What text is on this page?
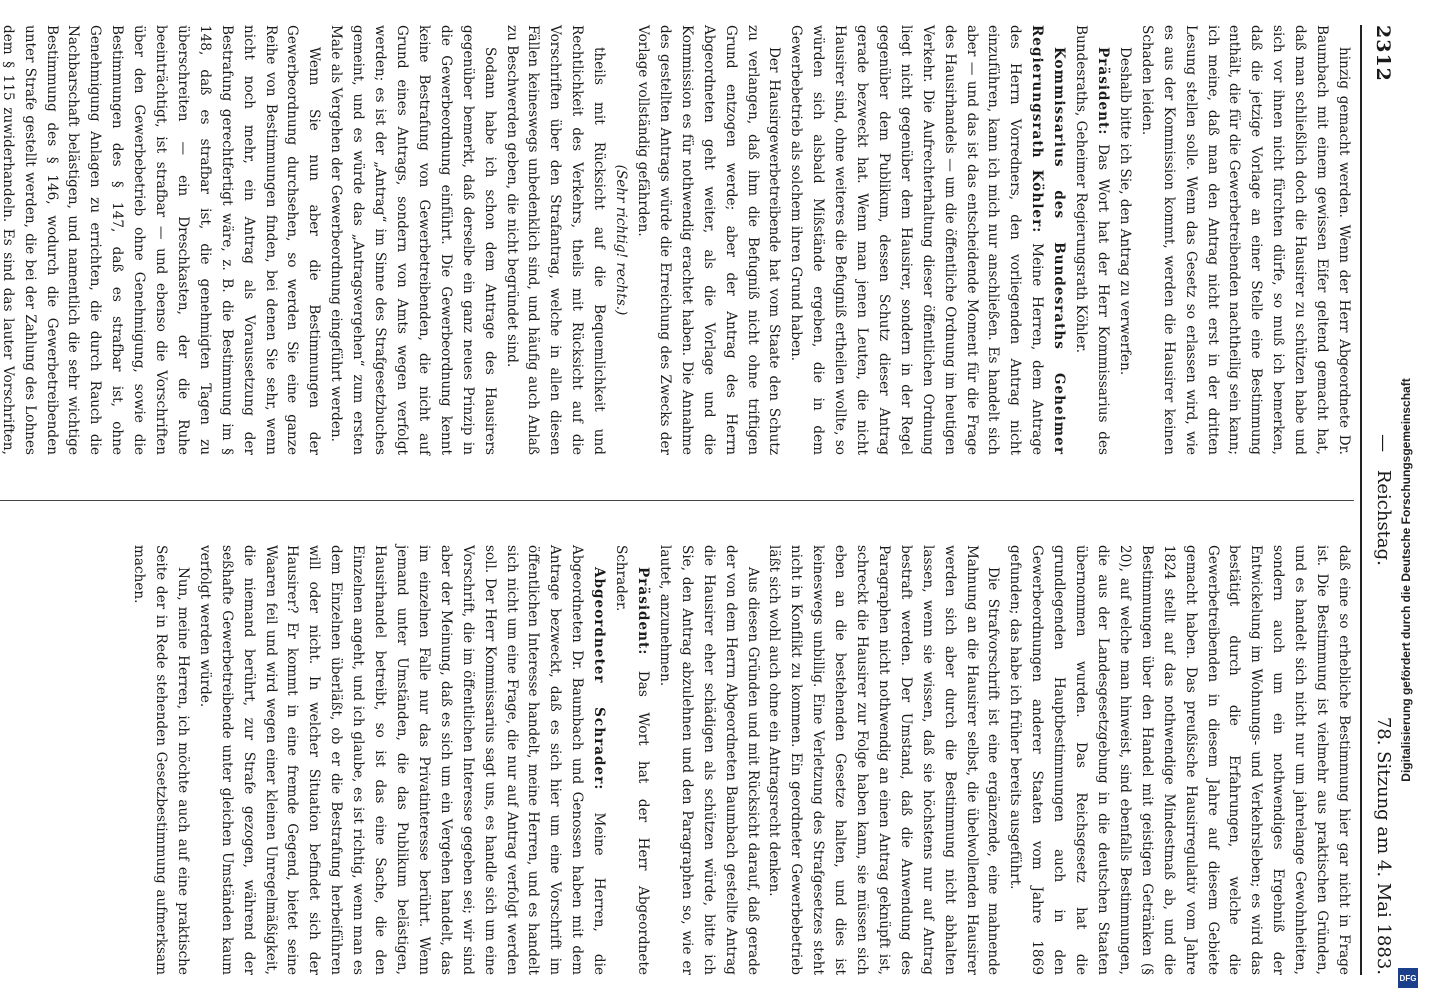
2312
— Reichstag.
78. Sitzung am 4. Mai 1883.

hinzig gemacht werden. Wenn der Herr Abgeordnete Dr. Baumbach mit einem gewissen Eifer geltend gemacht hat, daß man schließlich doch die Hausirer zu schützen habe und sich vor ihnen nicht fürchten dürfe, so muß ich bemerken, daß die jetzige Vorlage an einer Stelle eine Bestimmung enthält, die für die Gewerbetreibenden nachtheilig sein kann; ich meine, daß man den Antrag nicht erst in der dritten Lesung stellen solle. Wenn das Gesetz so erlassen wird, wie es aus der Kommission kommt, werden die Hausirer keinen Schaden leiden.

Deshalb bitte ich Sie, den Antrag zu verwerfen.

Präsident: Das Wort hat der Herr Kommissarius des Bundesraths, Geheimer Regierungsrath Köhler.

Kommissarius des Bundesraths Geheimer Regierungsrath Köhler: Meine Herren, dem Antrage des Herrn Vorredners, den vorliegenden Antrag nicht einzuführen, kann ich mich nur anschließen. Es handelt sich aber — und das ist das entscheidende Moment für die Frage des Hausirhandels — um die öffentliche Ordnung im heutigen Verkehr. Die Aufrechterhaltung dieser öffentlichen Ordnung liegt nicht gegenüber dem Hausirer, sondern in der Regel gegenüber dem Publikum, dessen Schutz dieser Antrag gerade bezweckt hat. Wenn man jenen Leuten, die nicht Hausirer sind, ohne weiteres die Befugniß ertheilen wollte, so würden sich alsbald Mißstände ergeben, die in dem Gewerbebetrieb als solchem ihren Grund haben.

Der Hausirgewerbetreibende hat vom Staate den Schutz zu verlangen, daß ihm die Befugniß nicht ohne triftigen Grund entzogen werde; aber der Antrag des Herrn Abgeordneten geht weiter, als die Vorlage und die Kommission es für nothwendig erachtet haben. Die Annahme des gestellten Antrags würde die Erreichung des Zwecks der Vorlage vollständig gefährden.

(Sehr richtig! rechts.)

theils mit Rücksicht auf die Bequemlichkeit und Rechtlichkeit des Verkehrs, theils mit Rücksicht auf die Vorschriften über den Strafantrag, welche in allen diesen Fällen keineswegs unbedenklich sind, und häufig auch Anlaß zu Beschwerden geben, die nicht begründet sind.

Sodann habe ich schon dem Antrage des Hausirers gegenüber bemerkt, daß derselbe ein ganz neues Prinzip in die Gewerbeordnung einführt. Die Gewerbeordnung kennt keine Bestrafung von Gewerbetreibenden, die nicht auf Grund eines Antrags, sondern von Amts wegen verfolgt werden; es ist der „Antrag“ im Sinne des Strafgesetzbuches gemeint, und es würde das „Antragsvergehen“ zum ersten Male als Vergehen der Gewerbeordnung eingeführt werden.

Wenn Sie nun aber die Bestimmungen der Gewerbeordnung durchsehen, so werden Sie eine ganze Reihe von Bestimmungen finden, bei denen Sie sehr, wenn nicht noch mehr, ein Antrag als Voraussetzung der Bestrafung gerechtfertigt wäre, z. B. die Bestimmung im § 148, daß es strafbar ist, die genehmigten Tagen zu überschreiten — ein Dreschkasten, der die Ruhe beeinträchtigt, ist strafbar — und ebenso die Vorschriften über den Gewerbebetrieb ohne Genehmigung, sowie die Bestimmungen des § 147, daß es strafbar ist, ohne Genehmigung Anlagen zu errichten, die durch Rauch die Nachbarschaft belästigen, und namentlich die sehr wichtige Bestimmung des § 146, wodurch die Gewerbetreibenden unter Strafe gestellt werden, die bei der Zahlung des Lohnes dem § 115 zuwiderhandeln. Es sind das lauter Vorschriften,

daß eine so erhebliche Bestimmung hier gar nicht in Frage ist. Die Bestimmung ist vielmehr aus praktischen Gründen, und es handelt sich nicht nur um jahrelange Gewohnheiten, sondern auch um ein nothwendiges Ergebniß der Entwickelung im Wohnungs- und Verkehrsleben; es wird das bestätigt durch die Erfahrungen, welche die Gewerbetreibenden in diesem Jahre auf diesem Gebiete gemacht haben. Das preußische Hausirregulativ vom Jahre 1824 stellt auf das nothwendige Mindestmaß ab, und die Bestimmungen über den Handel mit geistigen Getränken (§ 20), auf welche man hinweist, sind ebenfalls Bestimmungen, die aus der Landesgesetzgebung in die deutschen Staaten übernommen wurden. Das Reichsgesetz hat die grundlegenden Hauptbestimmungen auch in den Gewerbeordnungen anderer Staaten vom Jahre 1869 gefunden; das habe ich früher bereits ausgeführt.

Die Strafvorschrift ist eine ergänzende, eine mahnende Mahnung an die Hausirer selbst, die übelwollenden Hausirer werden sich aber durch die Bestimmung nicht abhalten lassen, wenn sie wissen, daß sie höchstens nur auf Antrag bestraft werden. Der Umstand, daß die Anwendung des Paragraphen nicht nothwendig an einen Antrag geknüpft ist, schreckt die Hausirer zur Folge haben kann, sie müssen sich eben an die bestehenden Gesetze halten, und dies ist keineswegs unbillig. Eine Verletzung des Strafgesetzes steht nicht in Konflikt zu kommen. Ein geordneter Gewerbebetrieb läßt sich wohl auch ohne ein Antragsrecht denken.

Aus diesen Gründen und mit Rücksicht darauf, daß gerade der von dem Herrn Abgeordneten Baumbach gestellte Antrag die Hausirer eher schädigen als schützen würde, bitte ich Sie, den Antrag abzulehnen und den Paragraphen so, wie er lautet, anzunehmen.

Präsident: Das Wort hat der Herr Abgeordnete Schrader.

Abgeordneter Schrader: Meine Herren, die Abgeordneten Dr. Baumbach und Genossen haben mit dem Antrage bezweckt, daß es sich hier um eine Vorschrift im öffentlichen Interesse handelt, meine Herren, und es handelt sich nicht um eine Frage, die nur auf Antrag verfolgt werden soll. Der Herr Kommissarius sagt uns, es handle sich um eine Vorschrift, die im öffentlichen Interesse gegeben sei; wir sind aber der Meinung, daß es sich um ein Vergehen handelt, das im einzelnen Falle nur das Privatinteresse berührt. Wenn jemand unter Umständen, die das Publikum belästigen, Hausirhandel betreibt, so ist das eine Sache, die den Einzelnen angeht, und ich glaube, es ist richtig, wenn man es dem Einzelnen überläßt, ob er die Bestrafung herbeiführen will oder nicht. In welcher Situation befindet sich der Hausirer? Er kommt in eine fremde Gegend, bietet seine Waaren feil und wird wegen einer kleinen Unregelmäßigkeit, die niemand berührt, zur Strafe gezogen, während der seßhafte Gewerbetreibende unter gleichen Umständen kaum verfolgt werden würde.

Nun, meine Herren, ich möchte auch auf eine praktische Seite der in Rede stehenden Gesetzbestimmung aufmerksam machen.	Digitalisierung gefördert durch die Deutsche Forschungsgemeinschaft
DFG
